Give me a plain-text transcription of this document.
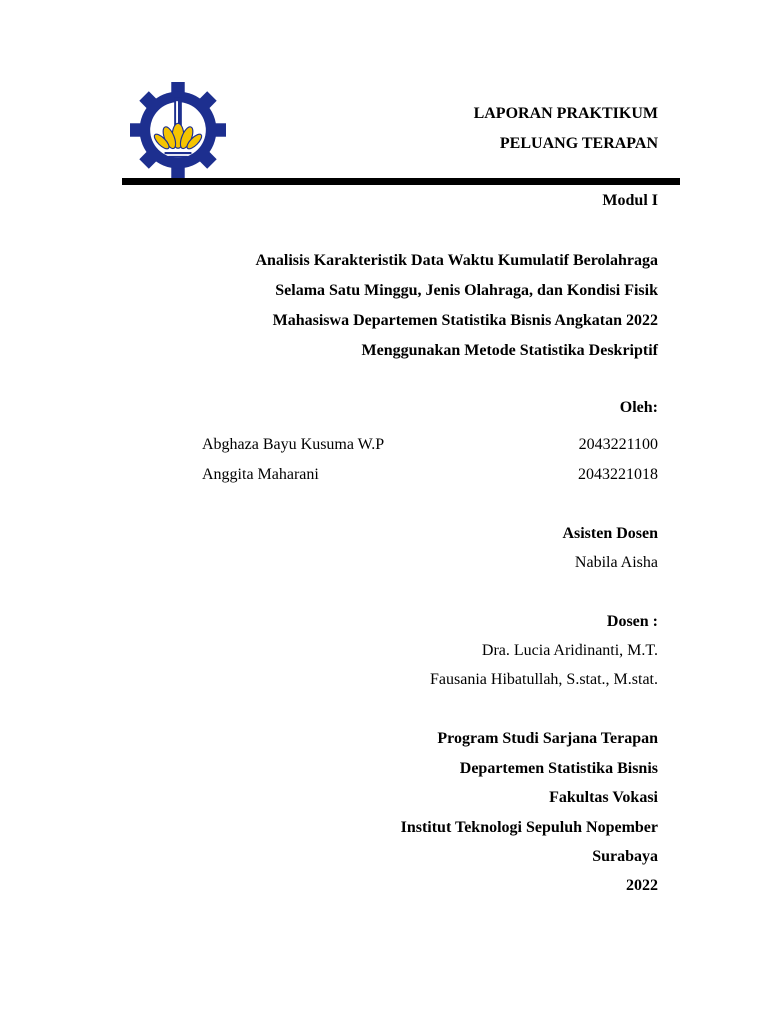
LAPORAN PRAKTIKUM
PELUANG TERAPAN
Modul I
Analisis Karakteristik Data Waktu Kumulatif Berolahraga
Selama Satu Minggu, Jenis Olahraga, dan Kondisi Fisik
Mahasiswa Departemen Statistika Bisnis Angkatan 2022
Menggunakan Metode Statistika Deskriptif
Oleh:
Abghaza Bayu Kusuma W.P	2043221100
Anggita Maharani	2043221018
Asisten Dosen
Nabila Aisha
Dosen :
Dra. Lucia Aridinanti, M.T.
Fausania Hibatullah, S.stat., M.stat.
Program Studi Sarjana Terapan
Departemen Statistika Bisnis
Fakultas Vokasi
Institut Teknologi Sepuluh Nopember
Surabaya
2022
